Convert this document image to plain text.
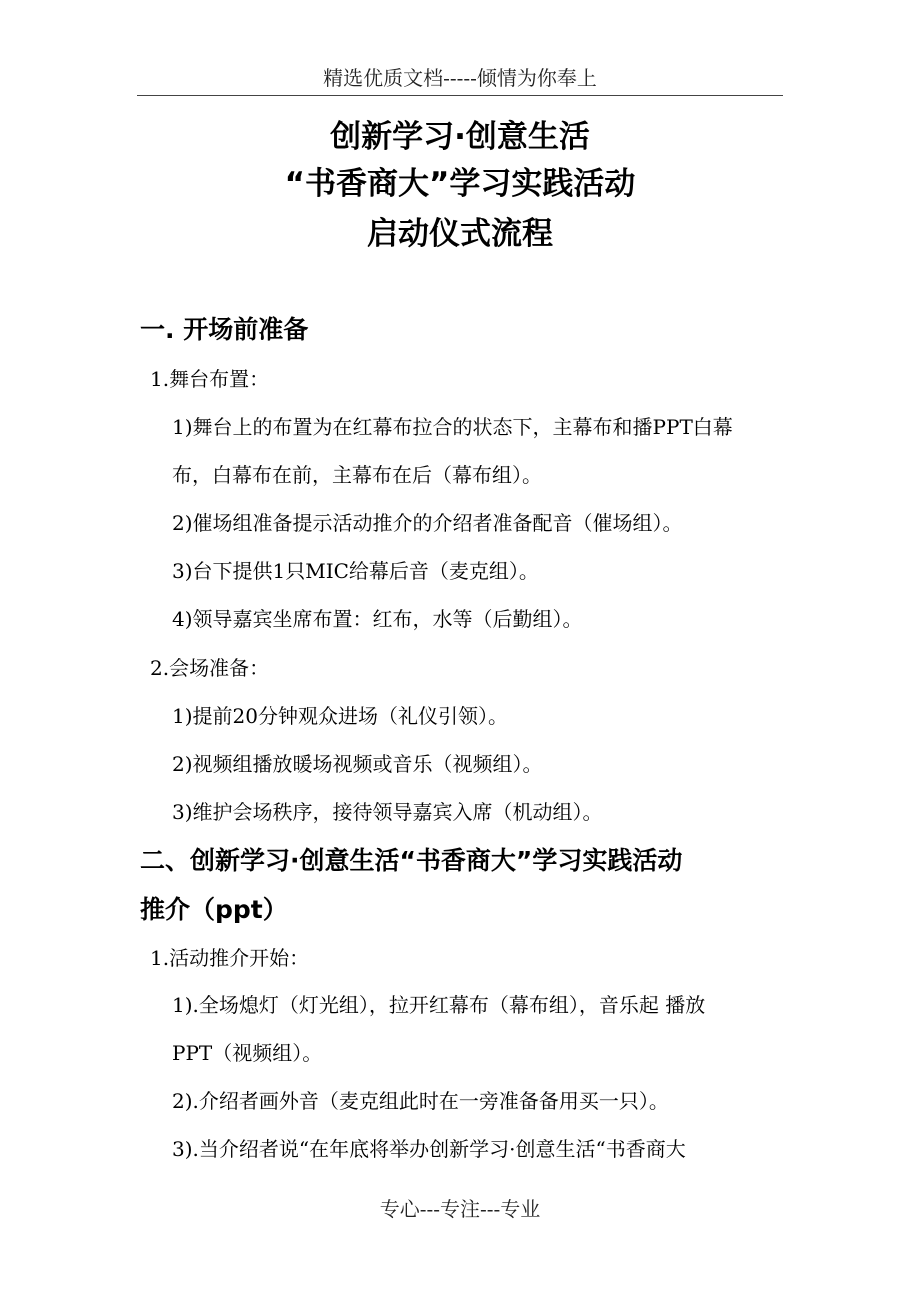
精选优质文档-----倾情为你奉上
创新学习·创意生活
“书香商大”学习实践活动
启动仪式流程
一. 开场前准备
1.舞台布置：
1)舞台上的布置为在红幕布拉合的状态下，主幕布和播PPT白幕
布，白幕布在前，主幕布在后（幕布组）。
2)催场组准备提示活动推介的介绍者准备配音（催场组）。
3)台下提供1只MIC给幕后音（麦克组）。
4)领导嘉宾坐席布置：红布，水等（后勤组）。
2.会场准备：
1)提前20分钟观众进场（礼仪引领）。
2)视频组播放暖场视频或音乐（视频组）。
3)维护会场秩序，接待领导嘉宾入席（机动组）。
二、创新学习·创意生活“书香商大”学习实践活动
推介（ppt）
1.活动推介开始：
1).全场熄灯（灯光组），拉开红幕布（幕布组），音乐起 播放
PPT（视频组）。
2).介绍者画外音（麦克组此时在一旁准备备用买一只）。
3).当介绍者说“在年底将举办创新学习·创意生活“书香商大
专心---专注---专业
